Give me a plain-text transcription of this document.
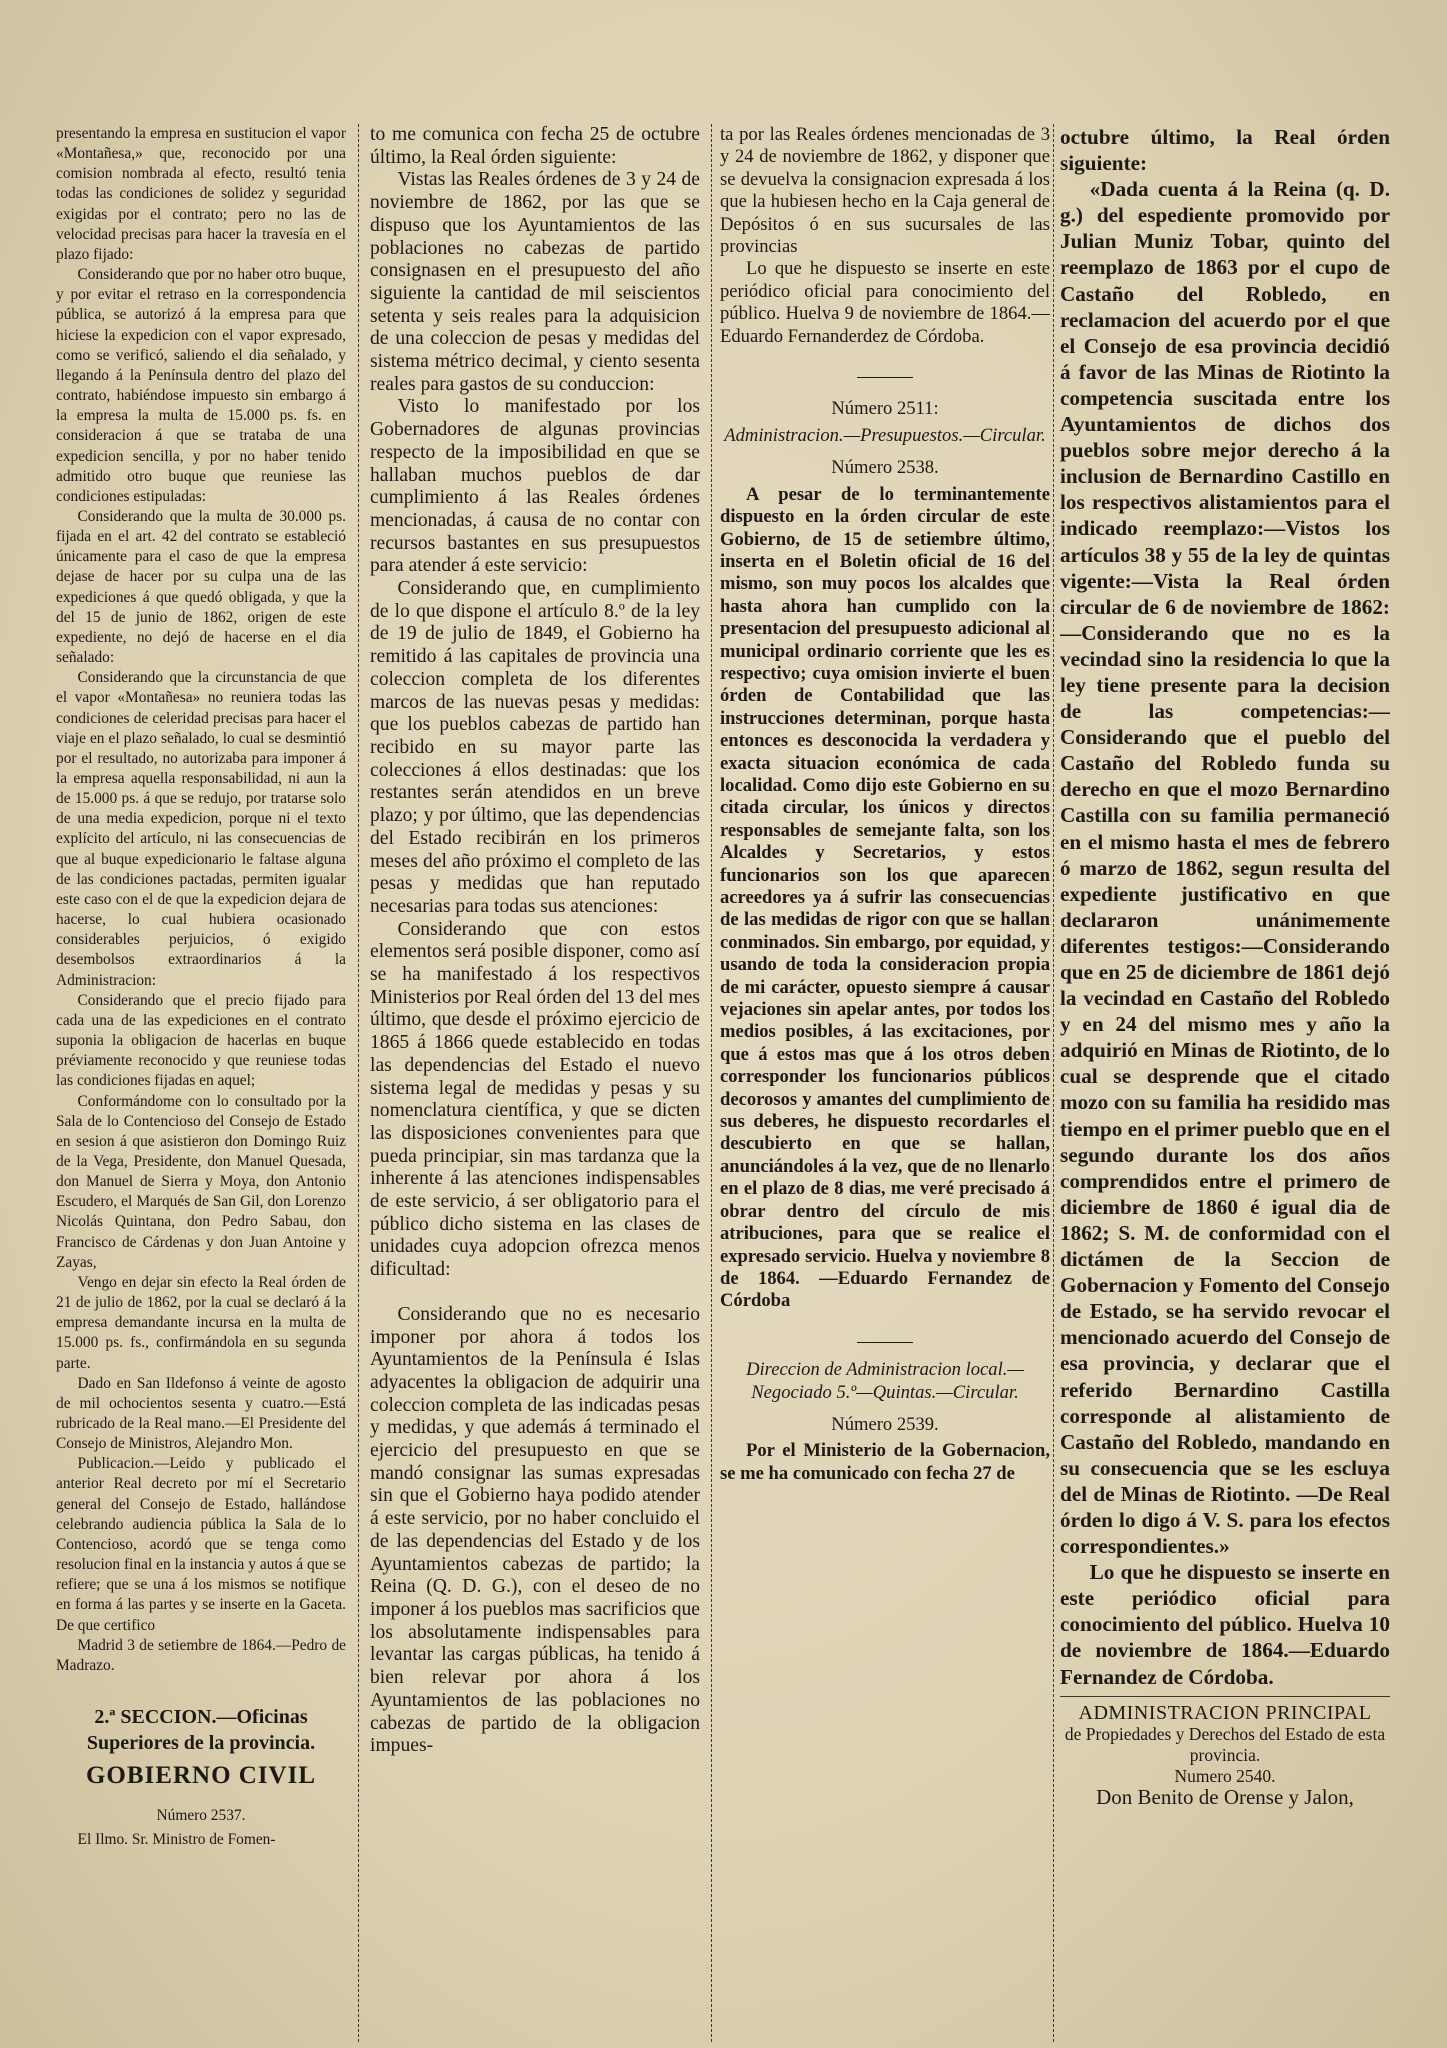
presentando la empresa en sustitucion el vapor «Montañesa,» que, reconocido por una comision nombrada al efecto, resultó tenia todas las condiciones de solidez y seguridad exigidas por el contrato; pero no las de velocidad precisas para hacer la travesía en el plazo fijado:

Considerando que por no haber otro buque, y por evitar el retraso en la correspondencia pública, se autorizó á la empresa para que hiciese la expedicion con el vapor expresado, como se verificó, saliendo el dia señalado, y llegando á la Península dentro del plazo del contrato, habiéndose impuesto sin embargo á la empresa la multa de 15.000 ps. fs. en consideracion á que se trataba de una expedicion sencilla, y por no haber tenido admitido otro buque que reuniese las condiciones estipuladas:

Considerando que la multa de 30.000 ps. fijada en el art. 42 del contrato se estableció únicamente para el caso de que la empresa dejase de hacer por su culpa una de las expediciones á que quedó obligada, y que la del 15 de junio de 1862, origen de este expediente, no dejó de hacerse en el dia señalado:

Considerando que la circunstancia de que el vapor «Montañesa» no reuniera todas las condiciones de celeridad precisas para hacer el viaje en el plazo señalado, lo cual se desmintió por el resultado, no autorizaba para imponer á la empresa aquella responsabilidad, ni aun la de 15.000 ps. á que se redujo, por tratarse solo de una media expedicion, porque ni el texto explícito del artículo, ni las consecuencias de que al buque expedicionario le faltase alguna de las condiciones pactadas, permiten igualar este caso con el de que la expedicion dejara de hacerse, lo cual hubiera ocasionado considerables perjuicios, ó exigido desembolsos extraordinarios á la Administracion:

Considerando que el precio fijado para cada una de las expediciones en el contrato suponia la obligacion de hacerlas en buque préviamente reconocido y que reuniese todas las condiciones fijadas en aquel;

Conformándome con lo consultado por la Sala de lo Contencioso del Consejo de Estado en sesion á que asistieron don Domingo Ruiz de la Vega, Presidente, don Manuel Quesada, don Manuel de Sierra y Moya, don Antonio Escudero, el Marqués de San Gil, don Lorenzo Nicolás Quintana, don Pedro Sabau, don Francisco de Cárdenas y don Juan Antoine y Zayas,

Vengo en dejar sin efecto la Real órden de 21 de julio de 1862, por la cual se declaró á la empresa demandante incursa en la multa de 15.000 ps. fs., confirmándola en su segunda parte.

Dado en San Ildefonso á veinte de agosto de mil ochocientos sesenta y cuatro.—Está rubricado de la Real mano.—El Presidente del Consejo de Ministros, Alejandro Mon.

Publicacion.—Leido y publicado el anterior Real decreto por mí el Secretario general del Consejo de Estado, hallándose celebrando audiencia pública la Sala de lo Contencioso, acordó que se tenga como resolucion final en la instancia y autos á que se refiere; que se una á los mismos se notifique en forma á las partes y se inserte en la Gaceta. De que certifico

Madrid 3 de setiembre de 1864.—Pedro de Madrazo.

2.ª SECCION.—Oficinas Superiores de la provincia.

GOBIERNO CIVIL

Número 2537.

El Ilmo. Sr. Ministro de Fomen-

to me comunica con fecha 25 de octubre último, la Real órden siguiente:

Vistas las Reales órdenes de 3 y 24 de noviembre de 1862, por las que se dispuso que los Ayuntamientos de las poblaciones no cabezas de partido consignasen en el presupuesto del año siguiente la cantidad de mil seiscientos setenta y seis reales para la adquisicion de una coleccion de pesas y medidas del sistema métrico decimal, y ciento sesenta reales para gastos de su conduccion:

Visto lo manifestado por los Gobernadores de algunas provincias respecto de la imposibilidad en que se hallaban muchos pueblos de dar cumplimiento á las Reales órdenes mencionadas, á causa de no contar con recursos bastantes en sus presupuestos para atender á este servicio:

Considerando que, en cumplimiento de lo que dispone el artículo 8.º de la ley de 19 de julio de 1849, el Gobierno ha remitido á las capitales de provincia una coleccion completa de los diferentes marcos de las nuevas pesas y medidas: que los pueblos cabezas de partido han recibido en su mayor parte las colecciones á ellos destinadas: que los restantes serán atendidos en un breve plazo; y por último, que las dependencias del Estado recibirán en los primeros meses del año próximo el completo de las pesas y medidas que han reputado necesarias para todas sus atenciones:

Considerando que con estos elementos será posible disponer, como así se ha manifestado á los respectivos Ministerios por Real órden del 13 del mes último, que desde el próximo ejercicio de 1865 á 1866 quede establecido en todas las dependencias del Estado el nuevo sistema legal de medidas y pesas y su nomenclatura científica, y que se dicten las disposiciones convenientes para que pueda principiar, sin mas tardanza que la inherente á las atenciones indispensables de este servicio, á ser obligatorio para el público dicho sistema en las clases de unidades cuya adopcion ofrezca menos dificultad:

Considerando que no es necesario imponer por ahora á todos los Ayuntamientos de la Península é Islas adyacentes la obligacion de adquirir una coleccion completa de las indicadas pesas y medidas, y que además á terminado el ejercicio del presupuesto en que se mandó consignar las sumas expresadas sin que el Gobierno haya podido atender á este servicio, por no haber concluido el de las dependencias del Estado y de los Ayuntamientos cabezas de partido; la Reina (Q. D. G.), con el deseo de no imponer á los pueblos mas sacrificios que los absolutamente indispensables para levantar las cargas públicas, ha tenido á bien relevar por ahora á los Ayuntamientos de las poblaciones no cabezas de partido de la obligacion impues-

ta por las Reales órdenes mencionadas de 3 y 24 de noviembre de 1862, y disponer que se devuelva la consignacion expresada á los que la hubiesen hecho en la Caja general de Depósitos ó en sus sucursales de las provincias

Lo que he dispuesto se inserte en este periódico oficial para conocimiento del público. Huelva 9 de noviembre de 1864.—Eduardo Fernanderdez de Córdoba.

———

Número 2511:

Administracion.—Presupuestos.—Circular.

Número 2538.

A pesar de lo terminantemente dispuesto en la órden circular de este Gobierno, de 15 de setiembre último, inserta en el Boletin oficial de 16 del mismo, son muy pocos los alcaldes que hasta ahora han cumplido con la presentacion del presupuesto adicional al municipal ordinario corriente que les es respectivo; cuya omision invierte el buen órden de Contabilidad que las instrucciones determinan, porque hasta entonces es desconocida la verdadera y exacta situacion económica de cada localidad. Como dijo este Gobierno en su citada circular, los únicos y directos responsables de semejante falta, son los Alcaldes y Secretarios, y estos funcionarios son los que aparecen acreedores ya á sufrir las consecuencias de las medidas de rigor con que se hallan conminados. Sin embargo, por equidad, y usando de toda la consideracion propia de mi carácter, opuesto siempre á causar vejaciones sin apelar antes, por todos los medios posibles, á las excitaciones, por que á estos mas que á los otros deben corresponder los funcionarios públicos decorosos y amantes del cumplimiento de sus deberes, he dispuesto recordarles el descubierto en que se hallan, anunciándoles á la vez, que de no llenarlo en el plazo de 8 dias, me veré precisado á obrar dentro del círculo de mis atribuciones, para que se realice el expresado servicio. Huelva y noviembre 8 de 1864. —Eduardo Fernandez de Córdoba

———

Direccion de Administracion local.—Negociado 5.º—Quintas.—Circular.

Número 2539.

Por el Ministerio de la Gobernacion, se me ha comunicado con fecha 27 de

octubre último, la Real órden siguiente:

«Dada cuenta á la Reina (q. D. g.) del espediente promovido por Julian Muniz Tobar, quinto del reemplazo de 1863 por el cupo de Castaño del Robledo, en reclamacion del acuerdo por el que el Consejo de esa provincia decidió á favor de las Minas de Riotinto la competencia suscitada entre los Ayuntamientos de dichos dos pueblos sobre mejor derecho á la inclusion de Bernardino Castillo en los respectivos alistamientos para el indicado reemplazo:—Vistos los artículos 38 y 55 de la ley de quintas vigente:—Vista la Real órden circular de 6 de noviembre de 1862:—Considerando que no es la vecindad sino la residencia lo que la ley tiene presente para la decision de las competencias:—Considerando que el pueblo del Castaño del Robledo funda su derecho en que el mozo Bernardino Castilla con su familia permaneció en el mismo hasta el mes de febrero ó marzo de 1862, segun resulta del expediente justificativo en que declararon unánimemente diferentes testigos:—Considerando que en 25 de diciembre de 1861 dejó la vecindad en Castaño del Robledo y en 24 del mismo mes y año la adquirió en Minas de Riotinto, de lo cual se desprende que el citado mozo con su familia ha residido mas tiempo en el primer pueblo que en el segundo durante los dos años comprendidos entre el primero de diciembre de 1860 é igual dia de 1862; S. M. de conformidad con el dictámen de la Seccion de Gobernacion y Fomento del Consejo de Estado, se ha servido revocar el mencionado acuerdo del Consejo de esa provincia, y declarar que el referido Bernardino Castilla corresponde al alistamiento de Castaño del Robledo, mandando en su consecuencia que se les escluya del de Minas de Riotinto. —De Real órden lo digo á V. S. para los efectos correspondientes.»

Lo que he dispuesto se inserte en este periódico oficial para conocimiento del público. Huelva 10 de noviembre de 1864.—Eduardo Fernandez de Córdoba.

ADMINISTRACION PRINCIPAL
de Propiedades y Derechos del Estado de esta provincia.
Numero 2540.
Don Benito de Orense y Jalon,
